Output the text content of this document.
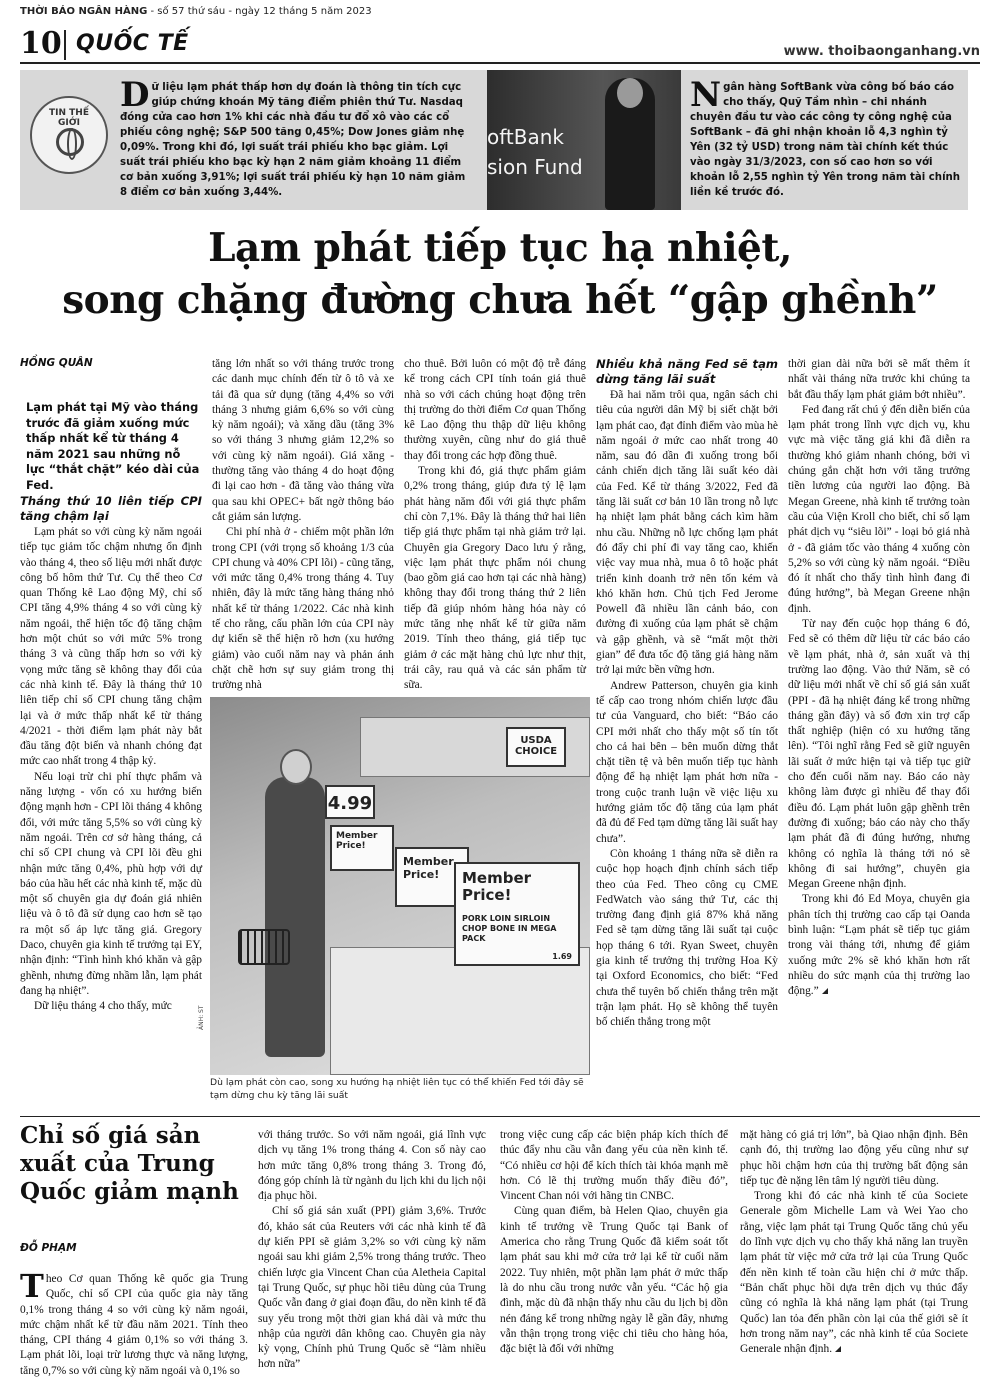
THỜI BÁO NGÂN HÀNG - số 57 thứ sáu - ngày 12 tháng 5 năm 2023
10 QUỐC TẾ	www. thoibaonganhang.vn
TIN THẾ GIỚI
Dữ liệu lạm phát thấp hơn dự đoán là thông tin tích cực giúp chứng khoán Mỹ tăng điểm phiên thứ Tư. Nasdaq đóng cửa cao hơn 1% khi các nhà đầu tư đổ xô vào các cổ phiếu công nghệ; S&P 500 tăng 0,45%; Dow Jones giảm nhẹ 0,09%. Trong khi đó, lợi suất trái phiếu kho bạc giảm. Lợi suất trái phiếu kho bạc kỳ hạn 2 năm giảm khoảng 11 điểm cơ bản xuống 3,91%; lợi suất trái phiếu kỳ hạn 10 năm giảm 8 điểm cơ bản xuống 3,44%.
oftBank
sion Fund
Ngân hàng SoftBank vừa công bố báo cáo cho thấy, Quỹ Tầm nhìn – chi nhánh chuyên đầu tư vào các công ty công nghệ của SoftBank – đã ghi nhận khoản lỗ 4,3 nghìn tỷ Yên (32 tỷ USD) trong năm tài chính kết thúc vào ngày 31/3/2023, con số cao hơn so với khoản lỗ 2,55 nghìn tỷ Yên trong năm tài chính liền kề trước đó.
Lạm phát tiếp tục hạ nhiệt,
song chặng đường chưa hết “gập ghềnh”
HỒNG QUÂN
Lạm phát tại Mỹ vào tháng trước đã giảm xuống mức thấp nhất kể từ tháng 4 năm 2021 sau những nỗ lực “thắt chặt” kéo dài của Fed.

Tháng thứ 10 liên tiếp CPI tăng chậm lại

Lạm phát so với cùng kỳ năm ngoái tiếp tục giảm tốc chậm nhưng ổn định vào tháng 4, theo số liệu mới nhất được công bố hôm thứ Tư. Cụ thể theo Cơ quan Thống kê Lao động Mỹ, chỉ số CPI tăng 4,9% tháng 4 so với cùng kỳ năm ngoái, thể hiện tốc độ tăng chậm hơn một chút so với mức 5% trong tháng 3 và cũng thấp hơn so với kỳ vọng mức tăng sẽ không thay đổi của các nhà kinh tế. Đây là tháng thứ 10 liên tiếp chỉ số CPI chung tăng chậm lại và ở mức thấp nhất kể từ tháng 4/2021 - thời điểm lạm phát này bắt đầu tăng đột biến và nhanh chóng đạt mức cao nhất trong 4 thập kỷ.

Nếu loại trừ chi phí thực phẩm và năng lượng - vốn có xu hướng biến động mạnh hơn - CPI lõi tháng 4 không đổi, với mức tăng 5,5% so với cùng kỳ năm ngoái. Trên cơ sở hàng tháng, cả chỉ số CPI chung và CPI lõi đều ghi nhận mức tăng 0,4%, phù hợp với dự báo của hầu hết các nhà kinh tế, mặc dù một số chuyên gia dự đoán giá nhiên liệu và ô tô đã sử dụng cao hơn sẽ tạo ra một số áp lực tăng giá. Gregory Daco, chuyên gia kinh tế trưởng tại EY, nhận định: “Tình hình khó khăn và gập ghềnh, nhưng đừng nhầm lẫn, lạm phát đang hạ nhiệt”.

Dữ liệu tháng 4 cho thấy, mức

tăng lớn nhất so với tháng trước trong các danh mục chính đến từ ô tô và xe tải đã qua sử dụng (tăng 4,4% so với tháng 3 nhưng giảm 6,6% so với cùng kỳ năm ngoái); và xăng dầu (tăng 3% so với tháng 3 nhưng giảm 12,2% so với cùng kỳ năm ngoái). Giá xăng - thường tăng vào tháng 4 do hoạt động đi lại cao hơn - đã tăng vào tháng vừa qua sau khi OPEC+ bất ngờ thông báo cắt giảm sản lượng.

Chi phí nhà ở - chiếm một phần lớn trong CPI (với trọng số khoảng 1/3 của CPI chung và 40% CPI lõi) - cũng tăng, với mức tăng 0,4% trong tháng 4. Tuy nhiên, đây là mức tăng hàng tháng nhỏ nhất kể từ tháng 1/2022. Các nhà kinh tế cho rằng, cấu phần lớn của CPI này dự kiến sẽ thể hiện rõ hơn (xu hướng giảm) vào cuối năm nay và phản ánh chặt chẽ hơn sự suy giảm trong thị trường nhà

cho thuê. Bởi luôn có một độ trễ đáng kể trong cách CPI tính toán giá thuê nhà so với cách chúng hoạt động trên thị trường do thời điểm Cơ quan Thống kê Lao động thu thập dữ liệu không thường xuyên, cũng như do giá thuê thay đổi trong các hợp đồng thuê.

Trong khi đó, giá thực phẩm giảm 0,2% trong tháng, giúp đưa tỷ lệ lạm phát hàng năm đối với giá thực phẩm chỉ còn 7,1%. Đây là tháng thứ hai liên tiếp giá thực phẩm tại nhà giảm trở lại. Chuyên gia Gregory Daco lưu ý rằng, việc lạm phát thực phẩm nói chung (bao gồm giá cao hơn tại các nhà hàng) không thay đổi trong tháng thứ 2 liên tiếp đã giúp nhóm hàng hóa này có mức tăng nhẹ nhất kể từ giữa năm 2019. Tính theo tháng, giá tiếp tục giảm ở các mặt hàng chủ lực như thịt, trái cây, rau quả và các sản phẩm từ sữa.

Nhiều khả năng Fed sẽ tạm dừng tăng lãi suất

Đã hai năm trôi qua, ngân sách chi tiêu của người dân Mỹ bị siết chặt bởi lạm phát cao, đạt đỉnh điểm vào mùa hè năm ngoái ở mức cao nhất trong 40 năm, sau đó dần đi xuống trong bối cảnh chiến dịch tăng lãi suất kéo dài của Fed. Kể từ tháng 3/2022, Fed đã tăng lãi suất cơ bản 10 lần trong nỗ lực hạ nhiệt lạm phát bằng cách kìm hãm nhu cầu. Những nỗ lực chống lạm phát đó đẩy chi phí đi vay tăng cao, khiến việc vay mua nhà, mua ô tô hoặc phát triển kinh doanh trở nên tốn kém và khó khăn hơn. Chủ tịch Fed Jerome Powell đã nhiều lần cảnh báo, con đường đi xuống của lạm phát sẽ chậm và gập ghềnh, và sẽ “mất một thời gian” để đưa tốc độ tăng giá hàng năm trở lại mức bền vững hơn.

Andrew Patterson, chuyên gia kinh tế cấp cao trong nhóm chiến lược đầu tư của Vanguard, cho biết: “Báo cáo CPI mới nhất cho thấy một số tín tốt cho cả hai bên – bên muốn dừng thắt chặt tiền tệ và bên muốn tiếp tục hành động để hạ nhiệt lạm phát hơn nữa - trong cuộc tranh luận về việc liệu xu hướng giảm tốc độ tăng của lạm phát đã đủ để Fed tạm dừng tăng lãi suất hay chưa”.

Còn khoảng 1 tháng nữa sẽ diễn ra cuộc họp hoạch định chính sách tiếp theo của Fed. Theo công cụ CME FedWatch vào sáng thứ Tư, các thị trường đang định giá 87% khả năng Fed sẽ tạm dừng tăng lãi suất tại cuộc họp tháng 6 tới. Ryan Sweet, chuyên gia kinh tế trưởng thị trường Hoa Kỳ tại Oxford Economics, cho biết: “Fed chưa thể tuyên bố chiến thắng trên mặt trận lạm phát. Họ sẽ không thể tuyên bố chiến thắng trong một

thời gian dài nữa bởi sẽ mất thêm ít nhất vài tháng nữa trước khi chúng ta bắt đầu thấy lạm phát giảm bớt nhiều”.

Fed đang rất chú ý đến diễn biến của lạm phát trong lĩnh vực dịch vụ, khu vực mà việc tăng giá khi đã diễn ra thường khó giảm nhanh chóng, bởi vì chúng gắn chặt hơn với tăng trưởng tiền lương của người lao động. Bà Megan Greene, nhà kinh tế trưởng toàn cầu của Viện Kroll cho biết, chỉ số lạm phát dịch vụ “siêu lõi” - loại bỏ giá nhà ở - đã giảm tốc vào tháng 4 xuống còn 5,2% so với cùng kỳ năm ngoái. “Điều đó ít nhất cho thấy tình hình đang đi đúng hướng”, bà Megan Greene nhận định.

Từ nay đến cuộc họp tháng 6 đó, Fed sẽ có thêm dữ liệu từ các báo cáo về lạm phát, nhà ở, sản xuất và thị trường lao động. Vào thứ Năm, sẽ có dữ liệu mới nhất về chỉ số giá sản xuất (PPI - đã hạ nhiệt đáng kể trong những tháng gần đây) và số đơn xin trợ cấp thất nghiệp (hiện có xu hướng tăng lên). “Tôi nghĩ rằng Fed sẽ giữ nguyên lãi suất ở mức hiện tại và tiếp tục giữ cho đến cuối năm nay. Báo cáo này không làm được gì nhiều để thay đổi điều đó. Lạm phát luôn gập ghềnh trên đường đi xuống; báo cáo này cho thấy lạm phát đã đi đúng hướng, nhưng không có nghĩa là tháng tới nó sẽ không đi sai hướng”, chuyên gia Megan Greene nhận định.

Trong khi đó Ed Moya, chuyên gia phân tích thị trường cao cấp tại Oanda bình luận: “Lạm phát sẽ tiếp tục giảm trong vài tháng tới, nhưng để giảm xuống mức 2% sẽ khó khăn hơn rất nhiều do sức mạnh của thị trường lao động.”

USDA CHOICE
4.99
Member Price!
Member Price!	Member Price!
PORK LOIN SIRLOIN CHOP BONE IN MEGA PACK
1.69
ẢNH: ST
Dù lạm phát còn cao, song xu hướng hạ nhiệt liên tục có thể khiến Fed tới đây sẽ tạm dừng chu kỳ tăng lãi suất
Chỉ số giá sản xuất của Trung Quốc giảm mạnh
ĐỖ PHẠM

Theo Cơ quan Thống kê quốc gia Trung Quốc, chỉ số CPI của quốc gia này tăng 0,1% trong tháng 4 so với cùng kỳ năm ngoái, mức chậm nhất kể từ đầu năm 2021. Tính theo tháng, CPI tháng 4 giảm 0,1% so với tháng 3. Lạm phát lõi, loại trừ lương thực và năng lượng, tăng 0,7% so với cùng kỳ năm ngoái và 0,1% so

với tháng trước. So với năm ngoái, giá lĩnh vực dịch vụ tăng 1% trong tháng 4. Con số này cao hơn mức tăng 0,8% trong tháng 3. Trong đó, đóng góp chính là từ ngành du lịch khi du lịch nội địa phục hồi.

Chỉ số giá sản xuất (PPI) giảm 3,6%. Trước đó, khảo sát của Reuters với các nhà kinh tế đã dự kiến PPI sẽ giảm 3,2% so với cùng kỳ năm ngoái sau khi giảm 2,5% trong tháng trước. Theo chiến lược gia Vincent Chan của Aletheia Capital tại Trung Quốc, sự phục hồi tiêu dùng của Trung Quốc vẫn đang ở giai đoạn đầu, do nền kinh tế đã suy yếu trong một thời gian khá dài và mức thu nhập của người dân không cao. Chuyên gia này kỳ vọng, Chính phủ Trung Quốc sẽ “làm nhiều hơn nữa”

trong việc cung cấp các biện pháp kích thích để thúc đẩy nhu cầu vẫn đang yếu của nền kinh tế. “Có nhiều cơ hội để kích thích tài khóa mạnh mẽ hơn. Có lẽ thị trường muốn thấy điều đó”, Vincent Chan nói với hãng tin CNBC.

Cùng quan điểm, bà Helen Qiao, chuyên gia kinh tế trưởng về Trung Quốc tại Bank of America cho rằng Trung Quốc đã kiểm soát tốt lạm phát sau khi mở cửa trở lại kể từ cuối năm 2022. Tuy nhiên, một phần lạm phát ở mức thấp là do nhu cầu trong nước vẫn yếu. “Các hộ gia đình, mặc dù đã nhận thấy nhu cầu du lịch bị dồn nén đáng kể trong những ngày lễ gần đây, nhưng vẫn thận trọng trong việc chi tiêu cho hàng hóa, đặc biệt là đối với những

mặt hàng có giá trị lớn”, bà Qiao nhận định. Bên cạnh đó, thị trường lao động yếu cũng như sự phục hồi chậm hơn của thị trường bất động sản tiếp tục đè nặng lên tâm lý người tiêu dùng.

Trong khi đó các nhà kinh tế của Societe Generale gồm Michelle Lam và Wei Yao cho rằng, việc lạm phát tại Trung Quốc tăng chủ yếu do lĩnh vực dịch vụ cho thấy khả năng lan truyền lạm phát từ việc mở cửa trở lại của Trung Quốc đến nền kinh tế toàn cầu hiện chỉ ở mức thấp. “Bản chất phục hồi dựa trên dịch vụ thúc đẩy cũng có nghĩa là khả năng lạm phát (tại Trung Quốc) lan tỏa đến phần còn lại của thế giới sẽ ít hơn trong năm nay”, các nhà kinh tế của Societe Generale nhận định.
